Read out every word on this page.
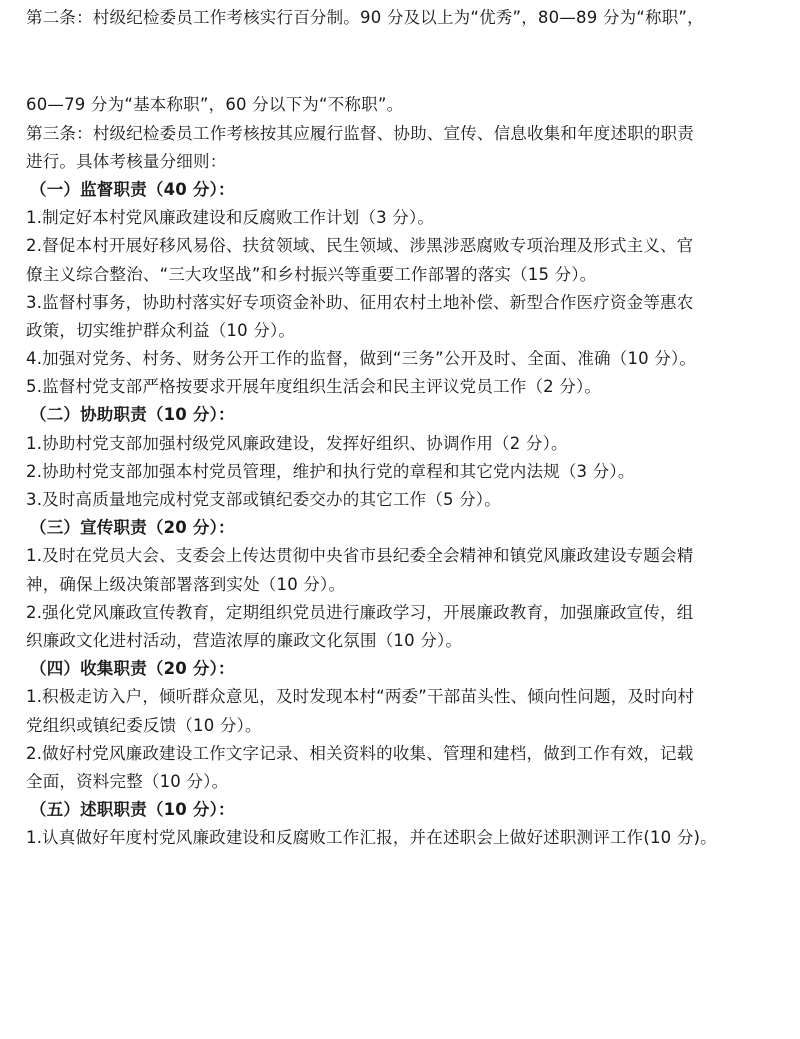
第二条：村级纪检委员工作考核实行百分制。90 分及以上为“优秀”，80—89 分为“称职”，
60—79 分为“基本称职”，60 分以下为“不称职”。
第三条：村级纪检委员工作考核按其应履行监督、协助、宣传、信息收集和年度述职的职责
进行。具体考核量分细则：
（一）监督职责（40 分）：
1.制定好本村党风廉政建设和反腐败工作计划（3 分）。
2.督促本村开展好移风易俗、扶贫领域、民生领域、涉黑涉恶腐败专项治理及形式主义、官
僚主义综合整治、“三大攻坚战”和乡村振兴等重要工作部署的落实（15 分）。
3.监督村事务，协助村落实好专项资金补助、征用农村土地补偿、新型合作医疗资金等惠农
政策，切实维护群众利益（10 分）。
4.加强对党务、村务、财务公开工作的监督，做到“三务”公开及时、全面、准确（10 分）。
5.监督村党支部严格按要求开展年度组织生活会和民主评议党员工作（2 分）。
（二）协助职责（10 分）：
1.协助村党支部加强村级党风廉政建设，发挥好组织、协调作用（2 分）。
2.协助村党支部加强本村党员管理，维护和执行党的章程和其它党内法规（3 分）。
3.及时高质量地完成村党支部或镇纪委交办的其它工作（5 分）。
（三）宣传职责（20 分）：
1.及时在党员大会、支委会上传达贯彻中央省市县纪委全会精神和镇党风廉政建设专题会精
神，确保上级决策部署落到实处（10 分）。
2.强化党风廉政宣传教育，定期组织党员进行廉政学习，开展廉政教育，加强廉政宣传，组
织廉政文化进村活动，营造浓厚的廉政文化氛围（10 分）。
（四）收集职责（20 分）：
1.积极走访入户，倾听群众意见，及时发现本村“两委”干部苗头性、倾向性问题，及时向村
党组织或镇纪委反馈（10 分）。
2.做好村党风廉政建设工作文字记录、相关资料的收集、管理和建档，做到工作有效，记载
全面，资料完整（10 分）。
（五）述职职责（10 分）：
1.认真做好年度村党风廉政建设和反腐败工作汇报，并在述职会上做好述职测评工作(10 分)。
